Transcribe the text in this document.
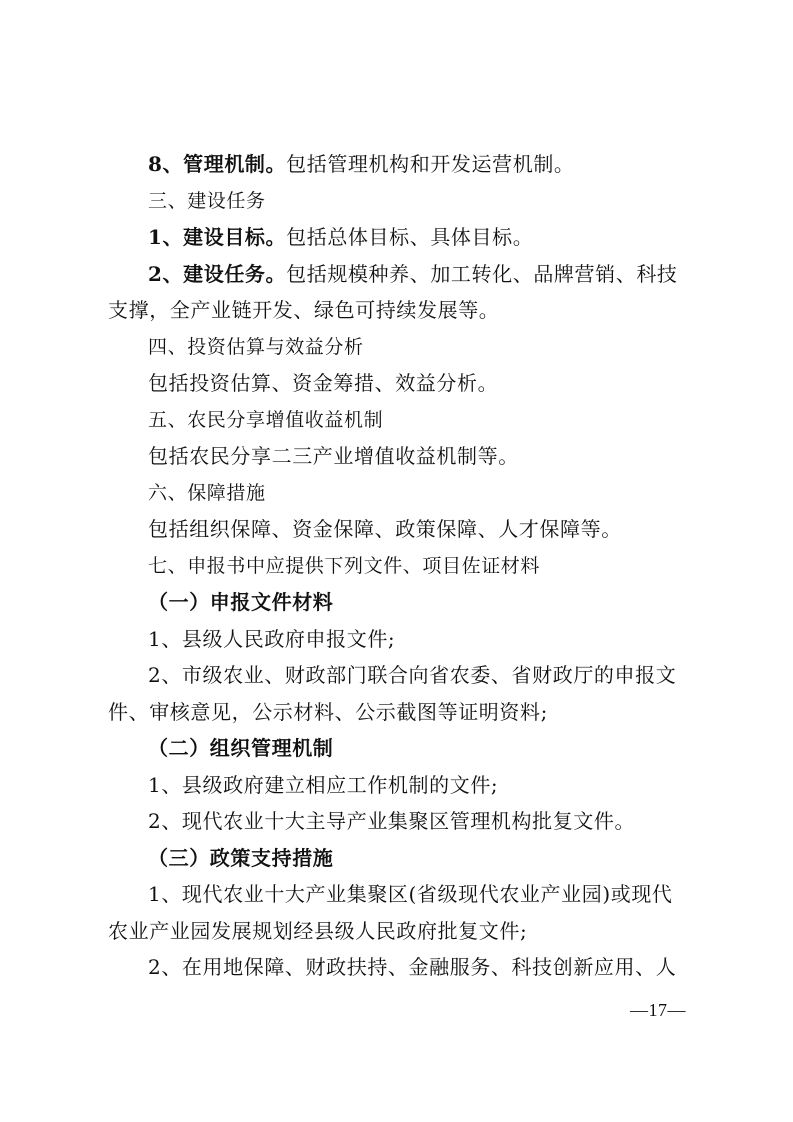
8、管理机制。包括管理机构和开发运营机制。
三、建设任务
1、建设目标。包括总体目标、具体目标。
2、建设任务。包括规模种养、加工转化、品牌营销、科技
支撑，全产业链开发、绿色可持续发展等。
四、投资估算与效益分析
包括投资估算、资金筹措、效益分析。
五、农民分享增值收益机制
包括农民分享二三产业增值收益机制等。
六、保障措施
包括组织保障、资金保障、政策保障、人才保障等。
七、申报书中应提供下列文件、项目佐证材料
（一）申报文件材料
1、县级人民政府申报文件;
2、市级农业、财政部门联合向省农委、省财政厅的申报文
件、审核意见，公示材料、公示截图等证明资料;
（二）组织管理机制
1、县级政府建立相应工作机制的文件;
2、现代农业十大主导产业集聚区管理机构批复文件。
（三）政策支持措施
1、现代农业十大产业集聚区(省级现代农业产业园)或现代
农业产业园发展规划经县级人民政府批复文件;
2、在用地保障、财政扶持、金融服务、科技创新应用、人
—17—
